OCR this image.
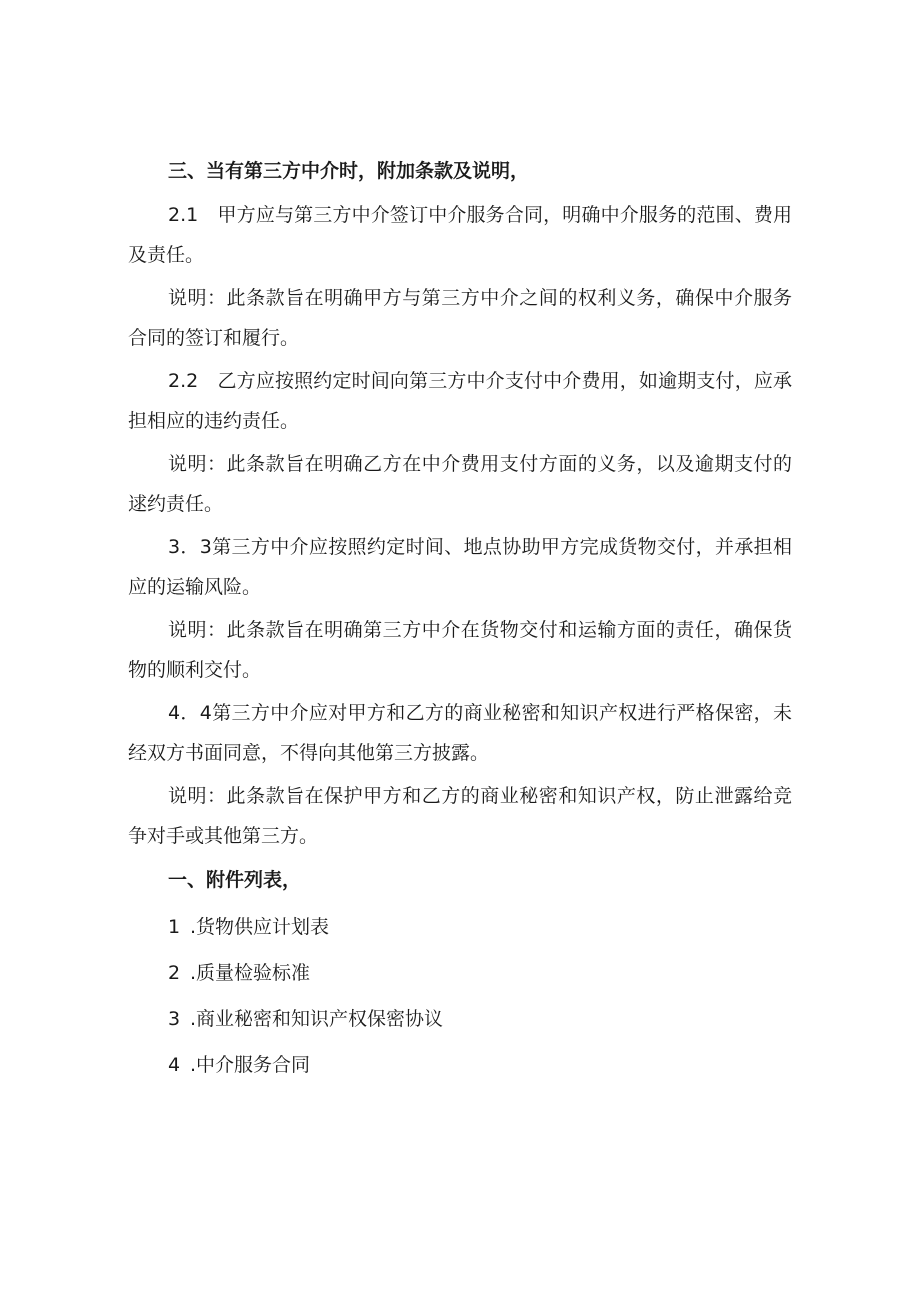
三、当有第三方中介时，附加条款及说明，

2.1　甲方应与第三方中介签订中介服务合同，明确中介服务的范围、费用及责任。

说明：此条款旨在明确甲方与第三方中介之间的权利义务，确保中介服务合同的签订和履行。

2.2　乙方应按照约定时间向第三方中介支付中介费用，如逾期支付，应承担相应的违约责任。

说明：此条款旨在明确乙方在中介费用支付方面的义务，以及逾期支付的逑约责任。

3．3第三方中介应按照约定时间、地点协助甲方完成货物交付，并承担相应的运输风险。

说明：此条款旨在明确第三方中介在货物交付和运输方面的责任，确保货物的顺利交付。

4．4第三方中介应对甲方和乙方的商业秘密和知识产权进行严格保密，未经双方书面同意，不得向其他第三方披露。

说明：此条款旨在保护甲方和乙方的商业秘密和知识产权，防止泄露给竞争对手或其他第三方。

一、附件列表，
1 .货物供应计划表
2 .质量检验标准
3 .商业秘密和知识产权保密协议
4 .中介服务合同
